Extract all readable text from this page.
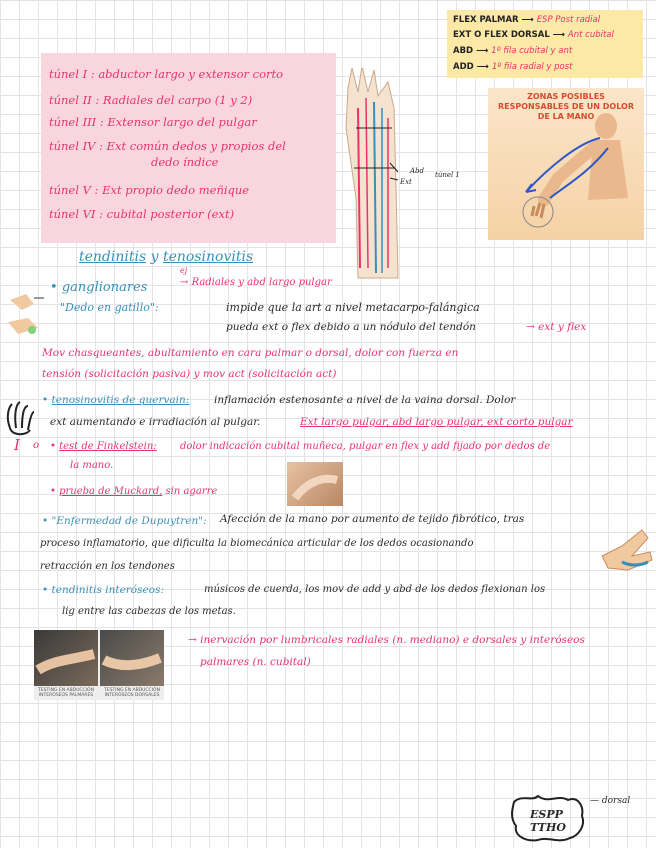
túnel I : abductor largo y extensor corto
túnel II : Radiales del carpo (1 y 2)
túnel III : Extensor largo del pulgar
túnel IV : Ext común dedos y propios del
dedo índice
túnel V : Ext propio dedo meñique
túnel VI : cubital posterior (ext)
FLEX PALMAR ⟶ ESP Post radial
EXT O FLEX DORSAL ⟶ Ant cubital
ABD ⟶ 1º fila cubital y ant
ADD ⟶ 1º fila radial y post
ZONAS POSIBLES RESPONSABLES DE UN DOLOR DE LA MANO
Abd
Ext
túnel 1
tendinitis y tenosinovitis
• ganglionares	→ Radiales y abd largo pulgar
ej
"Dedo en gatillo":	impide que la art a nivel metacarpo-falángica
pueda ext o flex debido a un nódulo del tendón	→ ext y flex
Mov chasqueantes, abultamiento en cara palmar o dorsal, dolor con fuerza en
tensión (solicitación pasiva) y mov act (solicitación act)
I o
• tenosinovitis de quervain: inflamación estenosante a nivel de la vaina dorsal. Dolor
ext aumentando e irradiación al pulgar.	Ext largo pulgar, abd largo pulgar, ext corto pulgar
• test de Finkelstein: dolor indicación cubital muñeca, pulgar en flex y add fijado por dedos de
la mano.
• prueba de Muckard, sin agarre
• "Enfermedad de Dupuytren": Afección de la mano por aumento de tejido fibrótico, tras
proceso inflamatorio, que dificulta la biomecánica articular de los dedos ocasionando
retracción en los tendones
• tendinitis interóseos:	músicos de cuerda, los mov de add y abd de los dedos flexionan los
lig entre las cabezas de los metas.
TESTING EN ABDUCCIÓN INTERÓSEOS PALMARES
TESTING EN ABDUCCIÓN INTERÓSEOS DORSALES
→ inervación por lumbricales radiales (n. mediano) e dorsales y interóseos
palmares (n. cubital)
ESPP
TTHO
— dorsal
